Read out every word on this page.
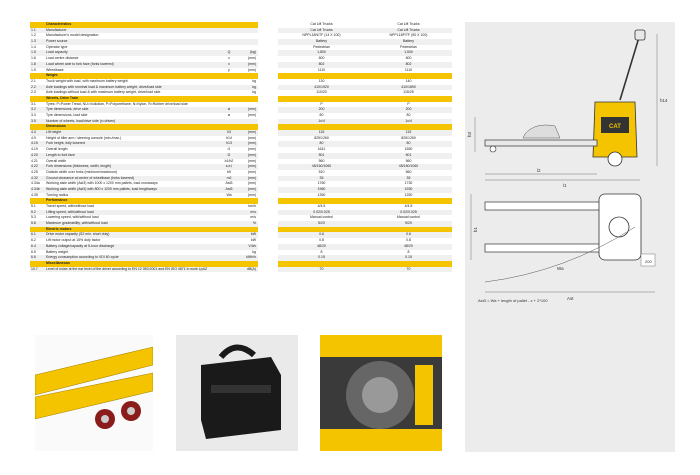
Characteristics	Cat Lift Trucks	Cat Lift Trucks
1.1	Manufacturer	Cat Lift Trucks	Cat Lift Trucks
1.2	Manufacturer's model designation	NPPL18N/TF (14 X 100)	NPPL18P/TF (50 X 100)
1.3	Power source	Battery	Battery
1.4	Operator type	Pedestrian	Pedestrian
1.5	Load capacity	Q	(kg)	1,800	1,500
1.6	Load centre distance	c	(mm)	600	600
1.8	Load wheel axle to fork face (forks lowered)	x	(mm)	802	802
1.9	Wheelbase	y	(mm)	1110	1110
Weight
2.1	Truck weight with load, with maximum battery weight	kg	130	140
2.2	Axle loadings with nominal load & maximum battery weight, drive/load side	kg	410/1920	410/1890
2.3	Axle loadings without load & with maximum battery weight, drive/load side	kg	110/20	115/25
Wheels, Drive Train
3.1	Tyres: P=Power Tread, NU=Vulkollan, P=Polyurethane, N=Nylon, R=Rubber drive/load side	P	P
3.2	Tyre dimensions, drive side	ø	(mm)	200	200
3.3	Tyre dimensions, load side	ø	(mm)	80	80
3.5	Number of wheels, load/drive side (x=driven)	1x/4	1x/4
Dimensions
4.4	Lift height	h3	(mm)	115	115
4.9	Height of tiller arm / steering console (min./max.)	h14	(mm)	825/1260	825/1260
4.15	Fork height, fully lowered	h13	(mm)	80	80
4.19	Overall length	l1	(mm)	1641	1550
4.20	Length to fork face	l2	(mm)	501	501
4.21	Overall width	b1/b2	(mm)	560	560
4.22	Fork dimensions (thickness, width, length)	s,e,l	(mm)	45/160/1060	45/160/1060
4.25	Outside width over forks (minimum/maximum)	b5	(mm)	510	560
4.32	Ground clearance at centre of wheelbase (forks lowered)	m2	(mm)	35	35
4.34a	Working aisle width (Ast3) with 1000 x 1200 mm pallets, load crossways	Ast3	(mm)	1760	1730
4.34b	Working aisle width (Ast3) with 800 x 1200 mm pallets, load lengthways	Ast3	(mm)	1960	1930
4.35	Turning radius	Wa	(mm)	1350	1250
Performance
5.1	Travel speed, with/without load	km/h	4/4.5	4/4.5
5.2	Lifting speed, with/without load	m/s	0.02/0.025	0.02/0.025
5.3	Lowering speed, with/without load	m/s	Manual control	Manual control
5.8	Maximum gradeability, with/without load	%	5/20	5/20
Electric motors
6.1	Drive motor capacity (S2 min. short duty)	kW	0.6	0.6
6.2	Lift motor output at 15% duty factor	kW	0.8	0.8
6.4	Battery voltage/capacity at 5-hour discharge	V/Ah	48/20	48/20
6.5	Battery weight	kg	8	8
6.6	Energy consumption according to VDI 60 cycle	kWh/h	0.15	0.15
Miscellaneous
10.7	Level of noise at the ear level of the driver according to EN 12 053:2001 and EN ISO 4871 in work LpAZ	dB(A)	70	70
CAT
h14
h3
l2
l1
Wa
b1
200
Ast
Ast3 = Wa + length of pallet - x + 2*100
